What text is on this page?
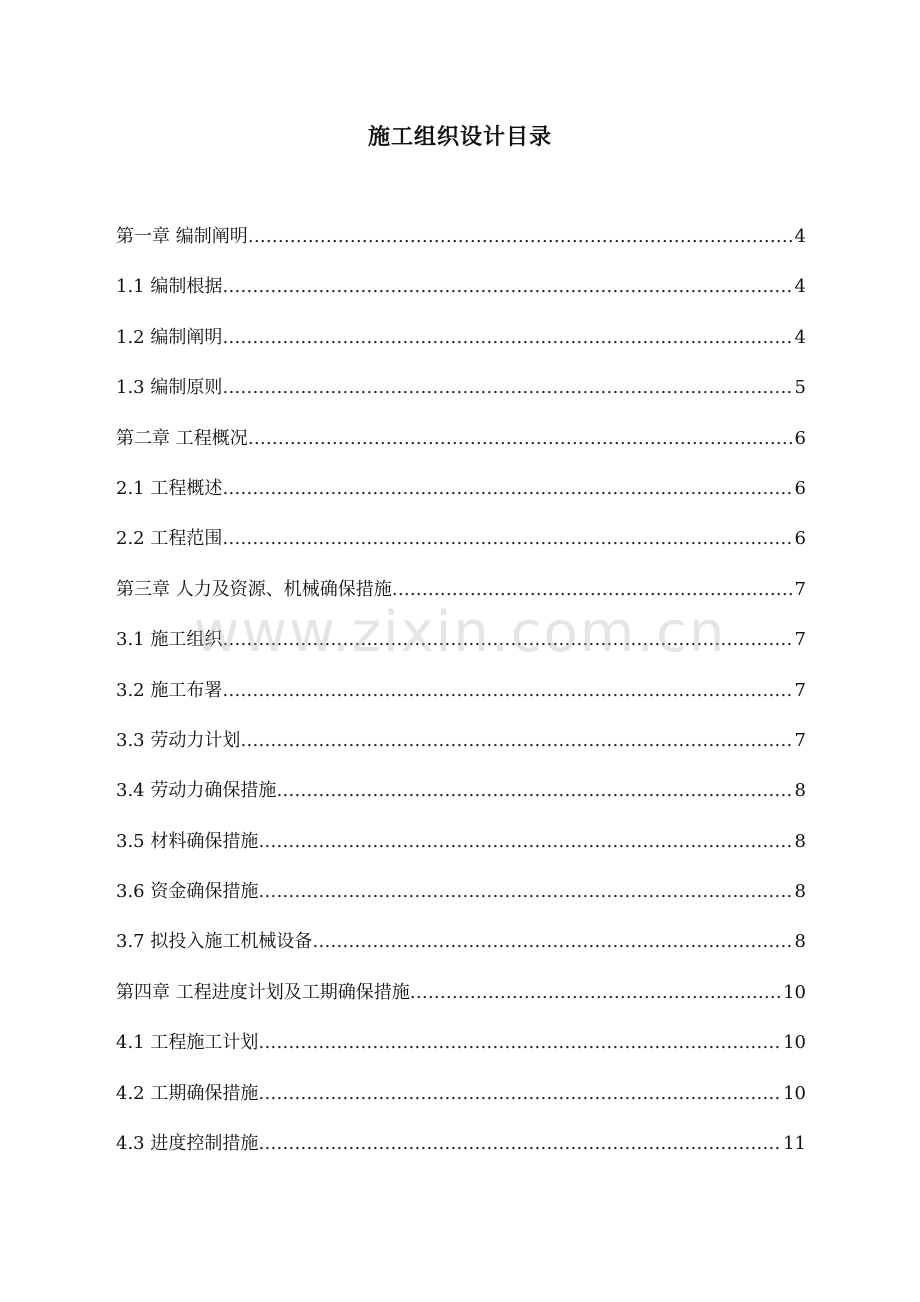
施工组织设计目录
第一章 编制阐明 ………………………………………………………………………………………………………………………………………………………………	4
1.1 编制根据 ………………………………………………………………………………………………………………………………………………………………	4
1.2 编制阐明 ………………………………………………………………………………………………………………………………………………………………	4
1.3 编制原则 ………………………………………………………………………………………………………………………………………………………………	5
第二章 工程概况 ………………………………………………………………………………………………………………………………………………………………	6
2.1 工程概述 ………………………………………………………………………………………………………………………………………………………………	6
2.2 工程范围 ………………………………………………………………………………………………………………………………………………………………	6
第三章 人力及资源、机械确保措施 ………………………………………………………………………………………………………………………………………………………………	7
3.1 施工组织 ………………………………………………………………………………………………………………………………………………………………	7
3.2 施工布署 ………………………………………………………………………………………………………………………………………………………………	7
3.3 劳动力计划 ………………………………………………………………………………………………………………………………………………………………	7
3.4 劳动力确保措施 ………………………………………………………………………………………………………………………………………………………………	8
3.5 材料确保措施 ………………………………………………………………………………………………………………………………………………………………	8
3.6 资金确保措施 ………………………………………………………………………………………………………………………………………………………………	8
3.7 拟投入施工机械设备 ………………………………………………………………………………………………………………………………………………………………	8
第四章 工程进度计划及工期确保措施 ………………………………………………………………………………………………………………………………………………………………	10
4.1 工程施工计划 ………………………………………………………………………………………………………………………………………………………………	10
4.2 工期确保措施 ………………………………………………………………………………………………………………………………………………………………	10
4.3 进度控制措施 ………………………………………………………………………………………………………………………………………………………………	11
www.zixin.com.cn
